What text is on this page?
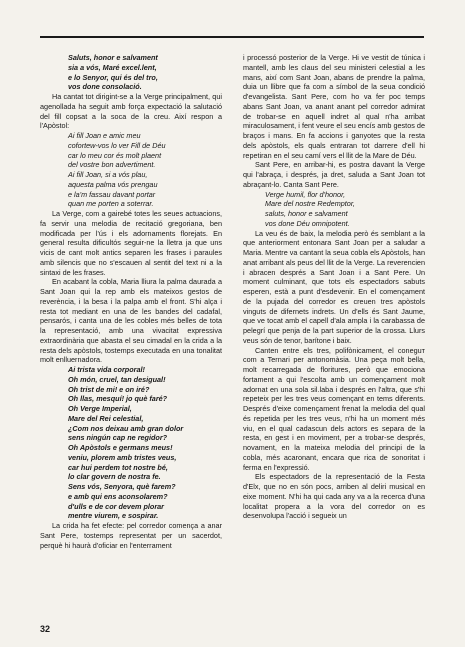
Saluts, honor e salvament
sia a vós, Maré excel.lent,
e lo Senyor, qui és del tro,
vos done consolació.

Ha cantat tot dirigint-se a la Verge principalment, qui agenollada ha seguit amb força expectació la salutació del fill copsat a la soca de la creu. Així respon a l'Apòstol:

Ai fill Joan e amic meu
cofortew-vos lo ver Fill de Déu
car lo meu cor és molt plaent
del vostre bon advertiment.
Ai fill Joan, si a vós plau,
aquesta palma vós prengau
e la'm fassau davant portar
quan me porten a soterrar.

La Verge, com a gairebé totes les seues actuacions, fa servir una melodia de recitació gregoriana, ben modificada per l'ús i els adornaments florejats. En general resulta dificultós seguir-ne la lletra ja que uns vicis de cant molt antics separen les frases i paraules amb silencis que no s'escauen al sentit del text ni a la sintaxi de les frases.

En acabant la cobla, Maria lliura la palma daurada a Sant Joan qui la rep amb els mateixos gestos de reverència, i la besa i la palpa amb el front. S'hi alça i resta tot mediant en una de les bandes del cadafal, pensarós, i canta una de les cobles més belles de tota la representació, amb una vivacitat expressiva extraordinària que abasta el seu cimadal en la crida a la resta dels apòstols, tostemps executada en una tonalitat molt enlluernadora.

Ai trista vida corporal!
Oh món, cruel, tan desigual!
Oh trist de mi! e on iré?
Oh llas, mesquí! jo què faré?
Oh Verge Imperial,
Mare del Rei celestial,
¿Com nos deixau amb gran dolor
sens ningún cap ne regidor?
Oh Apòstols e germans meus!
veniu, plorem amb tristes veus,
car hui perdem tot nostre bé,
lo clar govern de nostra fe.
Sens vós, Senyora, què farem?
e amb qui ens aconsolarem?
d'ulls e de cor devem plorar
mentre viurem, e sospirar.

La crida ha fet efecte: pel corredor comença a anar Sant Pere, tostemps representat per un sacerdot, perquè hi haurà d'oficiar en l'enterrament

i processó posterior de la Verge. Hi ve vestit de túnica i mantell, amb les claus del seu ministeri celestial a les mans, així com Sant Joan, abans de prendre la palma, duia un llibre que fa com a símbol de la seua condició d'evangelista. Sant Pere, com ho va fer poc temps abans Sant Joan, va anant anant pel corredor admirat de trobar-se en aquell indret al qual n'ha arribat miraculosament, i fent veure el seu encís amb gestos de braços i mans. En fa accions i ganyotes que la resta dels apòstols, els quals entraran tot darrere d'ell hi repetiran en el seu camí vers el llit de la Mare de Déu.

Sant Pere, en arribar-hi, es postra davant la Verge qui l'abraça, i després, ja dret, saluda a Sant Joan tot abraçant-lo. Canta Sant Pere.

Verge humil, flor d'honor,
Mare del nostre Redemptor,
saluts, honor e salvament
vos done Déu omnipotent.

La veu és de baix, la melodia però és semblant a la que anteriorment entonara Sant Joan per a saludar a Maria. Mentre va cantant la seua cobla els Apòstols, han anat arribant als peus del llit de la Verge. La reverencien i abracen després a Sant Joan i a Sant Pere. Un moment culminant, que tots els espectadors sabuts esperen, està a punt d'esdevenir. En el començament de la pujada del corredor es creuen tres apòstols vinguts de difernets indrets. Un d'ells és Sant Jaume, que ve tocat amb el capell d'ala ampla i la carabassa de pelegrí que penja de la part superior de la crossa. Llurs veus són de tenor, barítone i baix.

Canten entre els tres, polifònicament, el coneguт com a Ternari per antonomàsia. Una peça molt bella, molt recarregada de floritures, però que emociona fortament a qui l'escolta amb un començament molt adornat en una sola sil.laba i després en l'altra, que s'hi repeteix per les tres veus començant en tems diferents. Després d'eixe començament frenat la melodia del qual és repetida per les tres veus, n'hi ha un moment més viu, en el qual cadascun dels actors es separa de la resta, en gest i en moviment, per a trobar-se després, novament, en la mateixa melodia del principi de la cobla, més acaronant, encara que rica de sonoritat i ferma en l'expressió.

Els espectadors de la representació de la Festa d'Elx, que no en són pocs, arriben al deliri musical en eixe moment. N'hi ha qui cada any va a la recerca d'una localitat propera a la vora del corredor on es desenvolupa l'acció i segueix un

32
